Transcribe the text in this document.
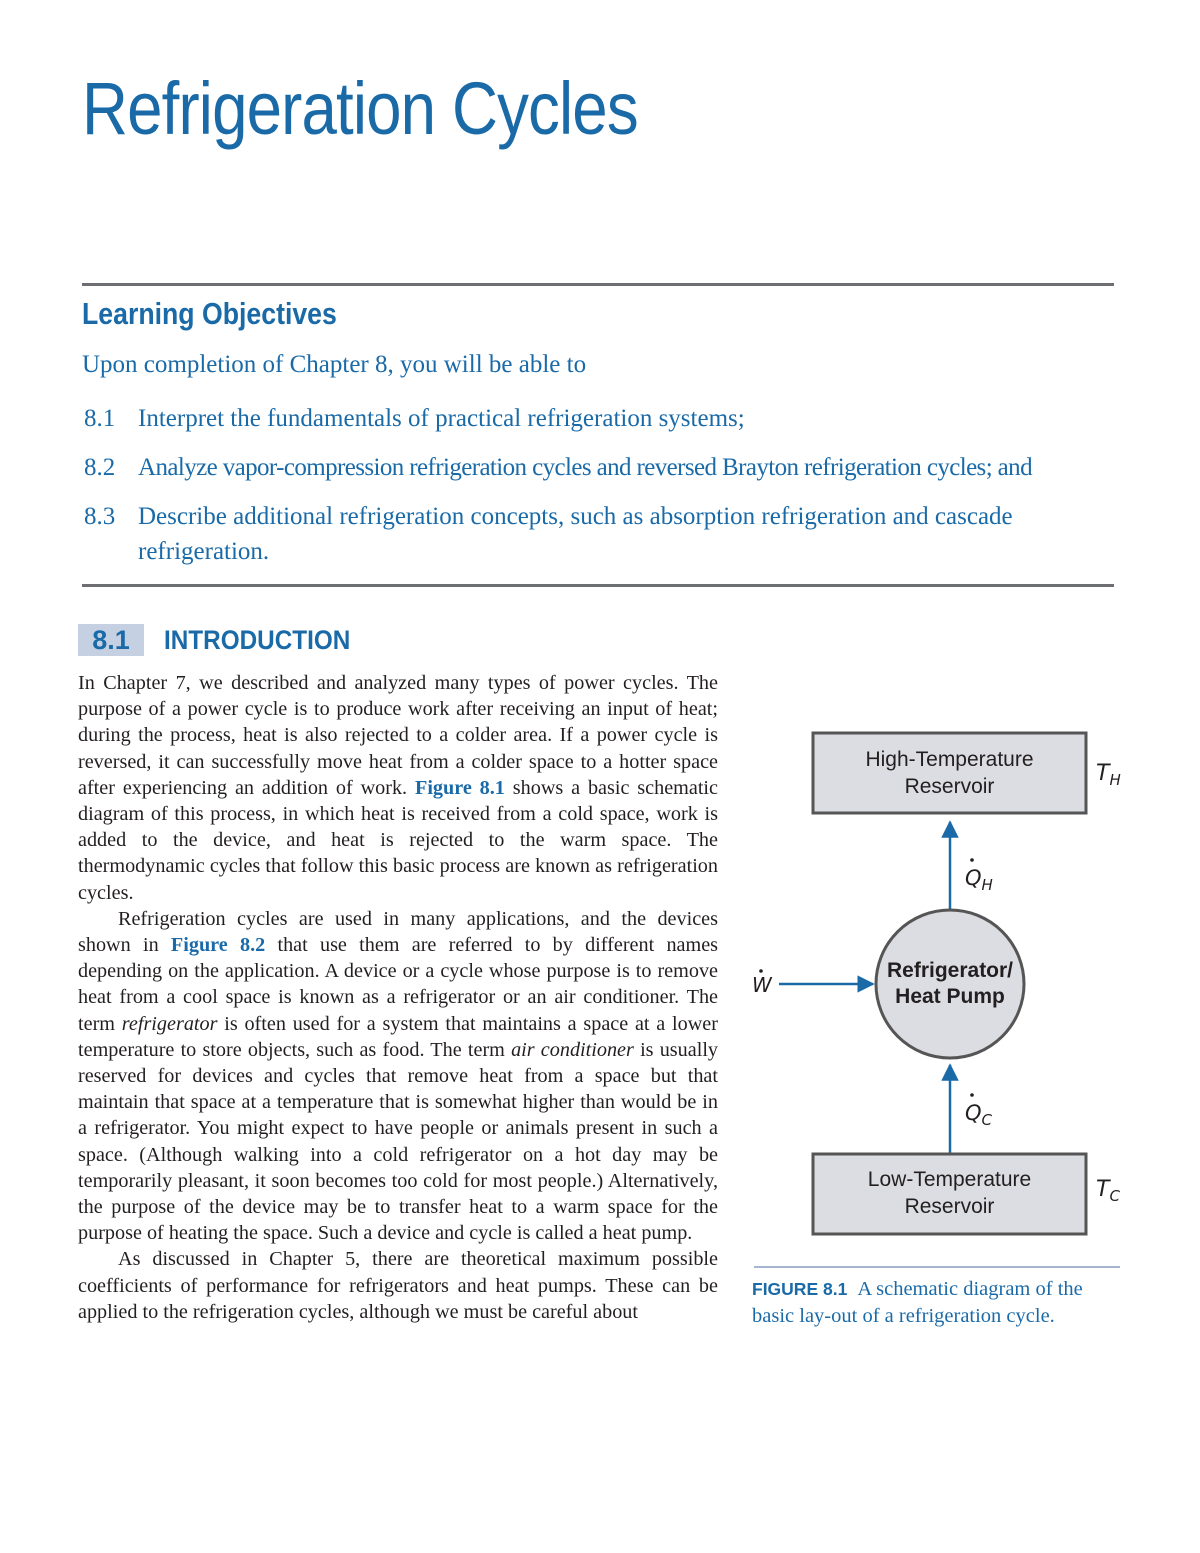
Refrigeration Cycles
Learning Objectives
Upon completion of Chapter 8, you will be able to
8.1 Interpret the fundamentals of practical refrigeration systems;
8.2 Analyze vapor-compression refrigeration cycles and reversed Brayton refrigeration cycles; and
8.3 Describe additional refrigeration concepts, such as absorption refrigeration and cascade refrigeration.
8.1	INTRODUCTION

In Chapter 7, we described and analyzed many types of power cycles. The purpose of a power cycle is to produce work after receiving an input of heat; during the process, heat is also rejected to a colder area. If a power cycle is reversed, it can successfully move heat from a colder space to a hotter space after experiencing an addition of work. Figure 8.1 shows a basic schematic diagram of this process, in which heat is received from a cold space, work is added to the device, and heat is rejected to the warm space. The thermodynamic cycles that follow this basic process are known as refrigeration cycles.

Refrigeration cycles are used in many applications, and the devices shown in Figure 8.2 that use them are referred to by different names depending on the application. A device or a cycle whose purpose is to remove heat from a cool space is known as a refrigerator or an air conditioner. The term refrigerator is often used for a system that maintains a space at a lower temperature to store objects, such as food. The term air conditioner is usually reserved for devices and cycles that remove heat from a space but that maintain that space at a temperature that is somewhat higher than would be in a refrigerator. You might expect to have people or animals present in such a space. (Although walking into a cold refrigerator on a hot day may be temporarily pleasant, it soon becomes too cold for most people.) Alternatively, the purpose of the device may be to transfer heat to a warm space for the purpose of heating the space. Such a device and cycle is called a heat pump.

As discussed in Chapter 5, there are theoretical maximum possible coefficients of performance for refrigerators and heat pumps. These can be applied to the refrigeration cycles, although we must be careful about

High-Temperature
Reservoir
$T_H$
$Q_H$
Refrigerator/
Heat Pump
W
$Q_C$
Low-Temperature
Reservoir
$T_C$
FIGURE 8.1 A schematic diagram of the basic lay-out of a refrigeration cycle.
